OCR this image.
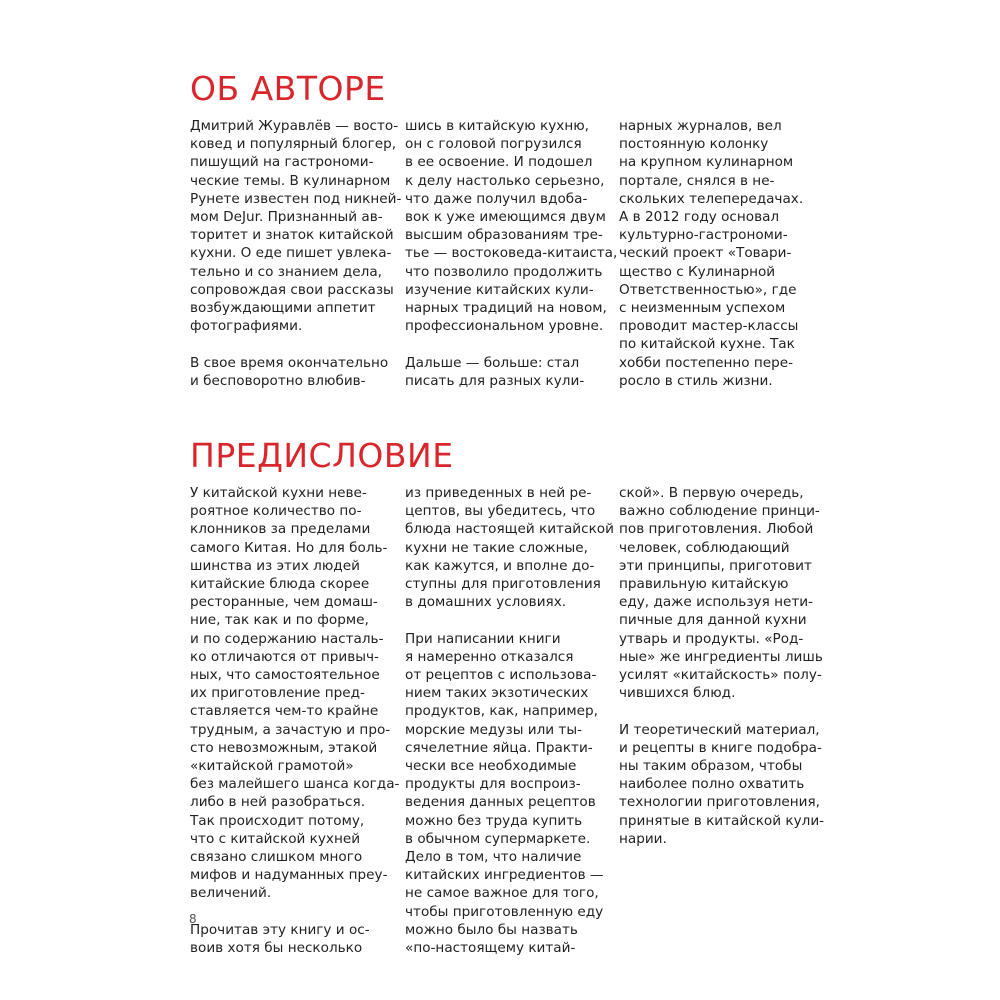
ОБ АВТОРЕ

Дмитрий Журавлёв — восто-
ковед и популярный блогер,
пишущий на гастрономи-
ческие темы. В кулинарном
Рунете известен под никней-
мом DeJur. Признанный ав-
торитет и знаток китайской
кухни. О еде пишет увлека-
тельно и со знанием дела,
сопровождая свои рассказы
возбуждающими аппетит
фотографиями.

В свое время окончательно
и бесповоротно влюбив-

шись в китайскую кухню,
он с головой погрузился
в ее освоение. И подошел
к делу настолько серьезно,
что даже получил вдоба-
вок к уже имеющимся двум
высшим образованиям тре-
тье — востоковеда-китаиста,
что позволило продолжить
изучение китайских кули-
нарных традиций на новом,
профессиональном уровне.

Дальше — больше: стал
писать для разных кули-

нарных журналов, вел
постоянную колонку
на крупном кулинарном
портале, снялся в не-
скольких телепередачах.
А в 2012 году основал
культурно-гастрономи-
ческий проект «Товари-
щество с Кулинарной
Ответственностью», где
с неизменным успехом
проводит мастер-классы
по китайской кухне. Так
хобби постепенно пере-
росло в стиль жизни.

ПРЕДИСЛОВИЕ

У китайской кухни неве-
роятное количество по-
клонников за пределами
самого Китая. Но для боль-
шинства из этих людей
китайские блюда скорее
ресторанные, чем домаш-
ние, так как и по форме,
и по содержанию насталь-
ко отличаются от привыч-
ных, что самостоятельное
их приготовление пред-
ставляется чем-то крайне
трудным, а зачастую и про-
сто невозможным, этакой
«китайской грамотой»
без малейшего шанса когда-
либо в ней разобраться.
Так происходит потому,
что с китайской кухней
связано слишком много
мифов и надуманных преу-
величений.

Прочитав эту книгу и ос-
воив хотя бы несколько

из приведенных в ней ре-
цептов, вы убедитесь, что
блюда настоящей китайской
кухни не такие сложные,
как кажутся, и вполне до-
ступны для приготовления
в домашних условиях.

При написании книги
я намеренно отказался
от рецептов с использова-
нием таких экзотических
продуктов, как, например,
морские медузы или ты-
сячелетние яйца. Практи-
чески все необходимые
продукты для воспроиз-
ведения данных рецептов
можно без труда купить
в обычном супермаркете.
Дело в том, что наличие
китайских ингредиентов —
не самое важное для того,
чтобы приготовленную еду
можно было бы назвать
«по-настоящему китай-

ской». В первую очередь,
важно соблюдение принци-
пов приготовления. Любой
человек, соблюдающий
эти принципы, приготовит
правильную китайскую
еду, даже используя нети-
пичные для данной кухни
утварь и продукты. «Род-
ные» же ингредиенты лишь
усилят «китайскость» полу-
чившихся блюд.

И теоретический материал,
и рецепты в книге подобра-
ны таким образом, чтобы
наиболее полно охватить
технологии приготовления,
принятые в китайской кули-
нарии.

8
